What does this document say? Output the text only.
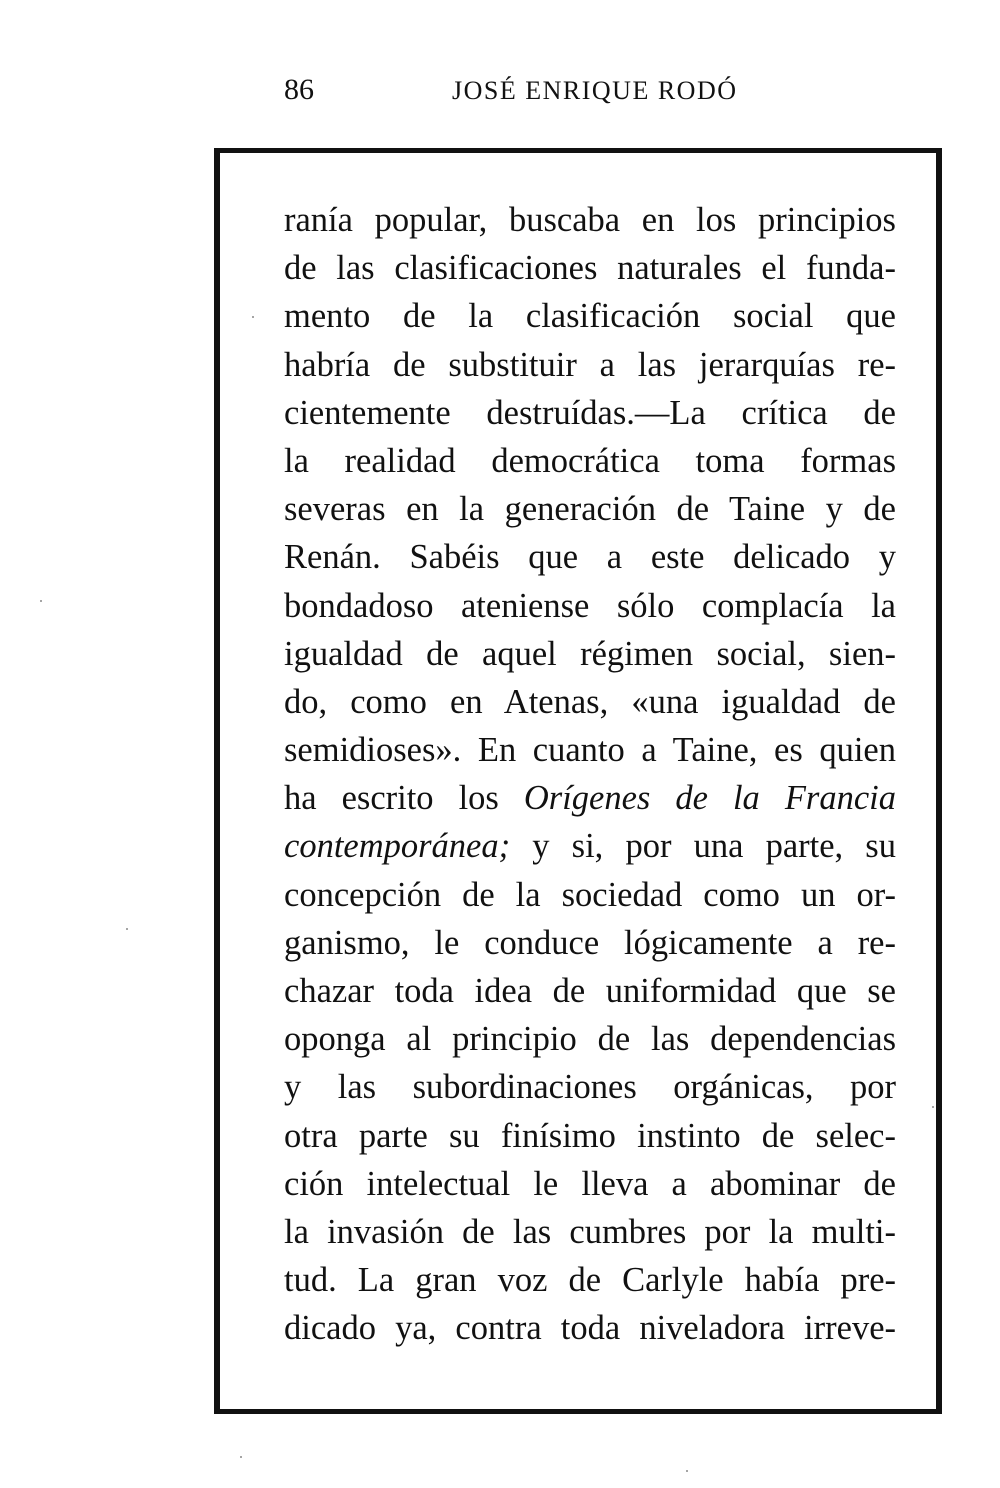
86	JOSÉ ENRIQUE RODÓ
ranía popular, buscaba en los principios
de las clasificaciones naturales el funda-
mento de la clasificación social que
habría de substituir a las jerarquías re-
cientemente destruídas.—La crítica de
la realidad democrática toma formas
severas en la generación de Taine y de
Renán. Sabéis que a este delicado y
bondadoso ateniense sólo complacía la
igualdad de aquel régimen social, sien-
do, como en Atenas, «una igualdad de
semidioses». En cuanto a Taine, es quien
ha escrito los Orígenes de la Francia
contemporánea; y si, por una parte, su
concepción de la sociedad como un or-
ganismo, le conduce lógicamente a re-
chazar toda idea de uniformidad que se
oponga al principio de las dependencias
y las subordinaciones orgánicas, por
otra parte su finísimo instinto de selec-
ción intelectual le lleva a abominar de
la invasión de las cumbres por la multi-
tud. La gran voz de Carlyle había pre-
dicado ya, contra toda niveladora irreve-
